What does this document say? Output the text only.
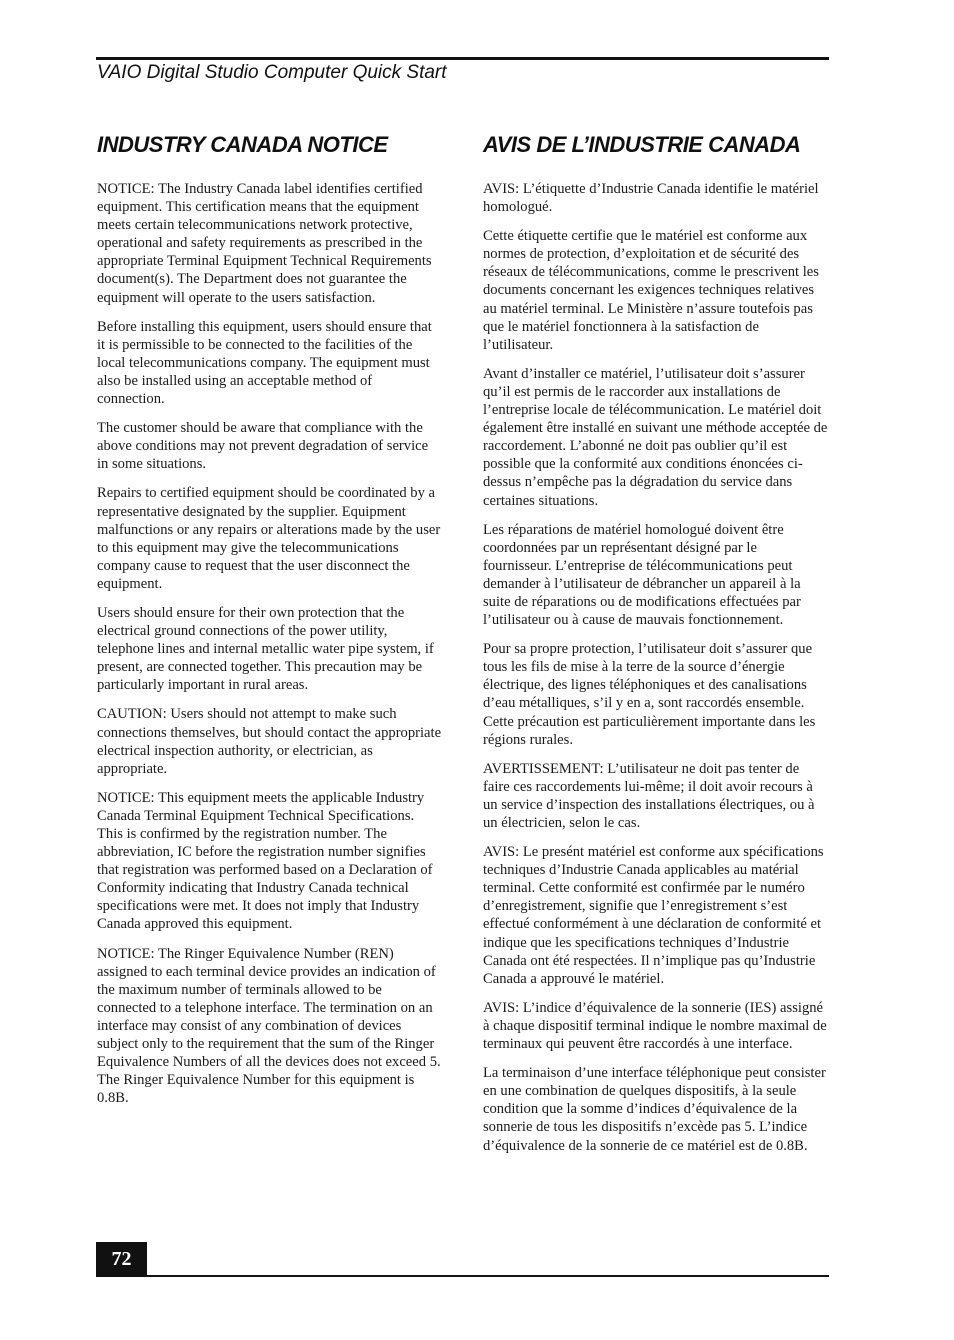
VAIO Digital Studio Computer Quick Start
INDUSTRY CANADA NOTICE

NOTICE: The Industry Canada label identifies certified equipment. This certification means that the equipment meets certain telecommunications network protective, operational and safety requirements as prescribed in the appropriate Terminal Equipment Technical Requirements document(s). The Department does not guarantee the equipment will operate to the users satisfaction.

Before installing this equipment, users should ensure that it is permissible to be connected to the facilities of the local telecommunications company. The equipment must also be installed using an acceptable method of connection.

The customer should be aware that compliance with the above conditions may not prevent degradation of service in some situations.

Repairs to certified equipment should be coordinated by a representative designated by the supplier. Equipment malfunctions or any repairs or alterations made by the user to this equipment may give the telecommunications company cause to request that the user disconnect the equipment.

Users should ensure for their own protection that the electrical ground connections of the power utility, telephone lines and internal metallic water pipe system, if present, are connected together. This precaution may be particularly important in rural areas.

CAUTION: Users should not attempt to make such connections themselves, but should contact the appropriate electrical inspection authority, or electrician, as appropriate.

NOTICE: This equipment meets the applicable Industry Canada Terminal Equipment Technical Specifications. This is confirmed by the registration number. The abbreviation, IC before the registration number signifies that registration was performed based on a Declaration of Conformity indicating that Industry Canada technical specifications were met. It does not imply that Industry Canada approved this equipment.

NOTICE: The Ringer Equivalence Number (REN) assigned to each terminal device provides an indication of the maximum number of terminals allowed to be connected to a telephone interface. The termination on an interface may consist of any combination of devices subject only to the requirement that the sum of the Ringer Equivalence Numbers of all the devices does not exceed 5. The Ringer Equivalence Number for this equipment is 0.8B.

AVIS DE L’INDUSTRIE CANADA

AVIS: L’étiquette d’Industrie Canada identifie le matériel homologué.

Cette étiquette certifie que le matériel est conforme aux normes de protection, d’exploitation et de sécurité des réseaux de télécommunications, comme le prescrivent les documents concernant les exigences techniques relatives au matériel terminal. Le Ministère n’assure toutefois pas que le matériel fonctionnera à la satisfaction de l’utilisateur.

Avant d’installer ce matériel, l’utilisateur doit s’assurer qu’il est permis de le raccorder aux installations de l’entreprise locale de télécommunication. Le matériel doit également être installé en suivant une méthode acceptée de raccordement. L’abonné ne doit pas oublier qu’il est possible que la conformité aux conditions énoncées ci-dessus n’empêche pas la dégradation du service dans certaines situations.

Les réparations de matériel homologué doivent être coordonnées par un représentant désigné par le fournisseur. L’entreprise de télécommunications peut demander à l’utilisateur de débrancher un appareil à la suite de réparations ou de modifications effectuées par l’utilisateur ou à cause de mauvais fonctionnement.

Pour sa propre protection, l’utilisateur doit s’assurer que tous les fils de mise à la terre de la source d’énergie électrique, des lignes téléphoniques et des canalisations d’eau métalliques, s’il y en a, sont raccordés ensemble. Cette précaution est particulièrement importante dans les régions rurales.

AVERTISSEMENT: L’utilisateur ne doit pas tenter de faire ces raccordements lui-même; il doit avoir recours à un service d’inspection des installations électriques, ou à un électricien, selon le cas.

AVIS: Le presént matériel est conforme aux spécifications techniques d’Industrie Canada applicables au matérial terminal. Cette conformité est confirmée par le numéro d’enregistrement, signifie que l’enregistrement s’est effectué conformément à une déclaration de conformité et indique que les specifications techniques d’Industrie Canada ont été respectées. Il n’implique pas qu’Industrie Canada a approuvé le matériel.

AVIS: L’indice d’équivalence de la sonnerie (IES) assigné à chaque dispositif terminal indique le nombre maximal de terminaux qui peuvent être raccordés à une interface.

La terminaison d’une interface téléphonique peut consister en une combination de quelques dispositifs, à la seule condition que la somme d’indices d’équivalence de la sonnerie de tous les dispositifs n’excède pas 5. L’indice d’équivalence de la sonnerie de ce matériel est de 0.8B.

72
